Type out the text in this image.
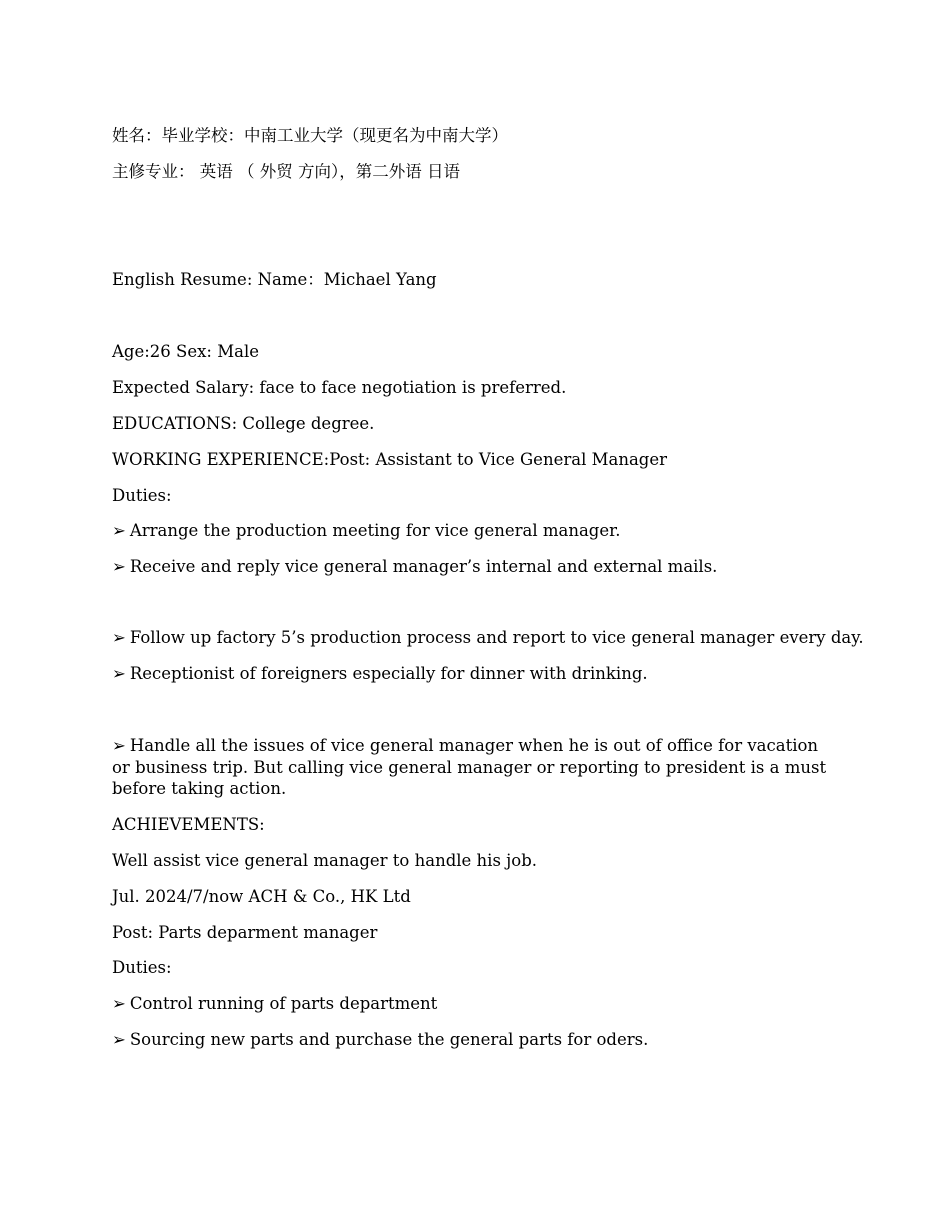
姓名：毕业学校：中南工业大学（现更名为中南大学）
主修专业： 英语 （ 外贸 方向），第二外语 日语
English Resume: Name：Michael Yang
Age:26 Sex: Male
Expected Salary: face to face negotiation is preferred.
EDUCATIONS: College degree.
WORKING EXPERIENCE:Post: Assistant to Vice General Manager
Duties:
➢ Arrange the production meeting for vice general manager.
➢ Receive and reply vice general manager’s internal and external mails.
➢ Follow up factory 5’s production process and report to vice general manager every day.
➢ Receptionist of foreigners especially for dinner with drinking.
➢ Handle all the issues of vice general manager when he is out of office for vacation or business trip. But calling vice general manager or reporting to president is a must before taking action.
ACHIEVEMENTS:
Well assist vice general manager to handle his job.
Jul. 2024/7/now ACH & Co., HK Ltd
Post: Parts deparment manager
Duties:
➢ Control running of parts department
➢ Sourcing new parts and purchase the general parts for oders.
